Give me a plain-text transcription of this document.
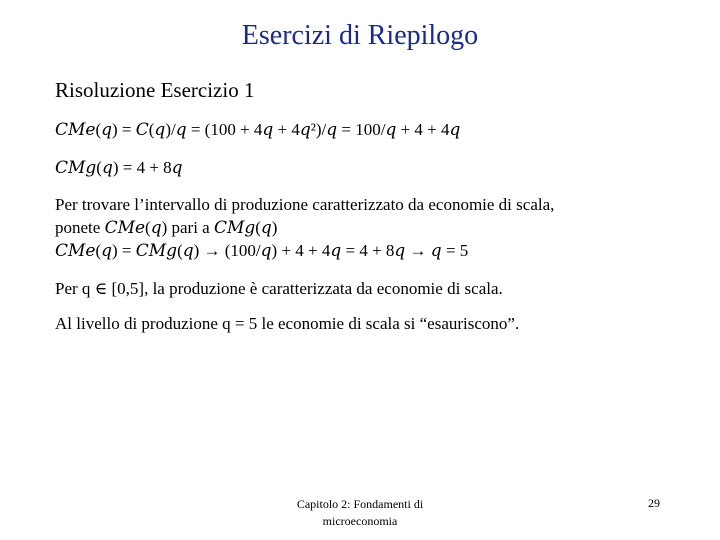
Esercizi di Riepilogo
Risoluzione Esercizio 1
𝐶𝑀𝑒(𝑞) = 𝐶(𝑞)/𝑞 = (100 + 4𝑞 + 4𝑞²)/𝑞 = 100/𝑞 + 4 + 4𝑞
𝐶𝑀𝑔(𝑞) = 4 + 8𝑞
Per trovare l’intervallo di produzione caratterizzato da economie di scala,
ponete 𝐶𝑀𝑒(𝑞) pari a 𝐶𝑀𝑔(𝑞)
𝐶𝑀𝑒(𝑞) = 𝐶𝑀𝑔(𝑞) → (100/𝑞) + 4 + 4𝑞 = 4 + 8𝑞 → 𝑞 = 5
Per q ∈ [0,5], la produzione è caratterizzata da economie di scala.
Al livello di produzione q = 5 le economie di scala si “esauriscono”.
Capitolo 2: Fondamenti di microeconomia
29
